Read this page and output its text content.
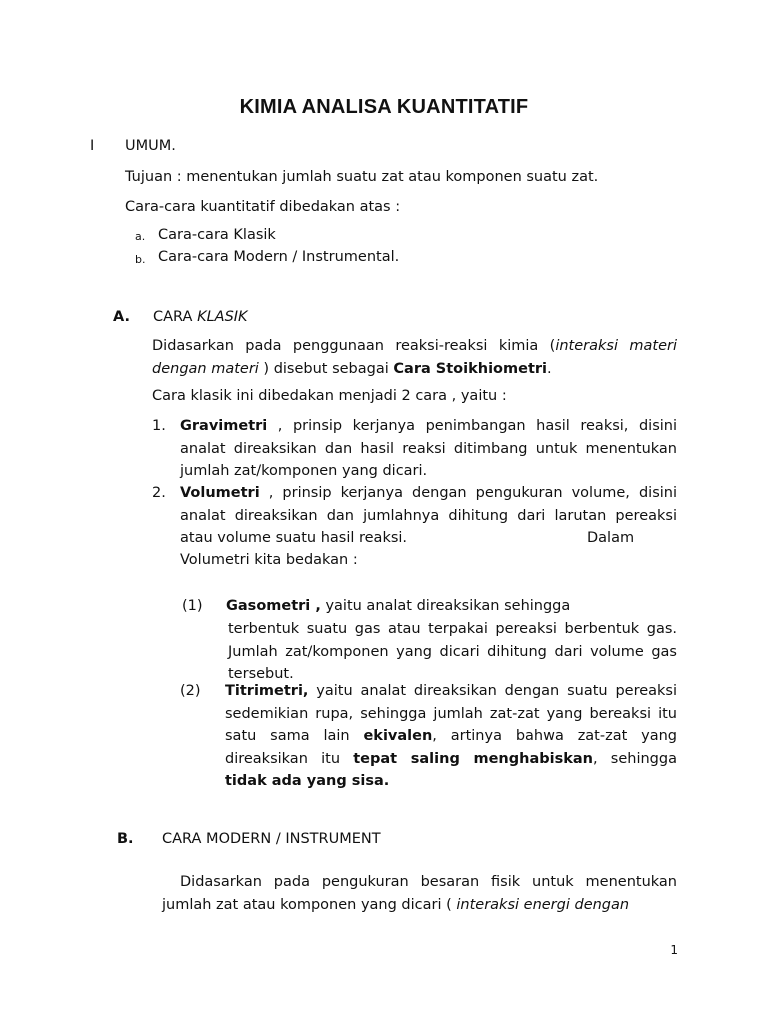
KIMIA ANALISA KUANTITATIF
I UMUM.
Tujuan : menentukan jumlah suatu zat atau komponen suatu zat.
Cara-cara kuantitatif dibedakan atas :
a. Cara-cara Klasik
b. Cara-cara Modern / Instrumental.
A. CARA KLASIK
Didasarkan pada penggunaan reaksi-reaksi kimia (interaksi materi dengan materi ) disebut sebagai Cara Stoikhiometri.
Cara klasik ini dibedakan menjadi 2 cara , yaitu :
1. Gravimetri , prinsip kerjanya penimbangan hasil reaksi, disini analat direaksikan dan hasil reaksi ditimbang untuk menentukan jumlah zat/komponen yang dicari.
2. Volumetri , prinsip kerjanya dengan pengukuran volume, disini analat direaksikan dan jumlahnya dihitung dari larutan pereaksi atau volume suatu hasil reaksi.	Dalam
Volumetri kita bedakan :
(1) Gasometri , yaitu analat direaksikan sehingga
terbentuk suatu gas atau terpakai pereaksi berbentuk gas. Jumlah zat/komponen yang dicari dihitung dari volume gas tersebut.
(2) Titrimetri, yaitu analat direaksikan dengan suatu pereaksi sedemikian rupa, sehingga jumlah zat-zat yang bereaksi itu satu sama lain ekivalen, artinya bahwa zat-zat yang direaksikan itu tepat saling menghabiskan, sehingga tidak ada yang sisa.
B. CARA MODERN / INSTRUMENT
Didasarkan pada pengukuran besaran fisik untuk menentukan jumlah zat atau komponen yang dicari ( interaksi energi dengan
1
